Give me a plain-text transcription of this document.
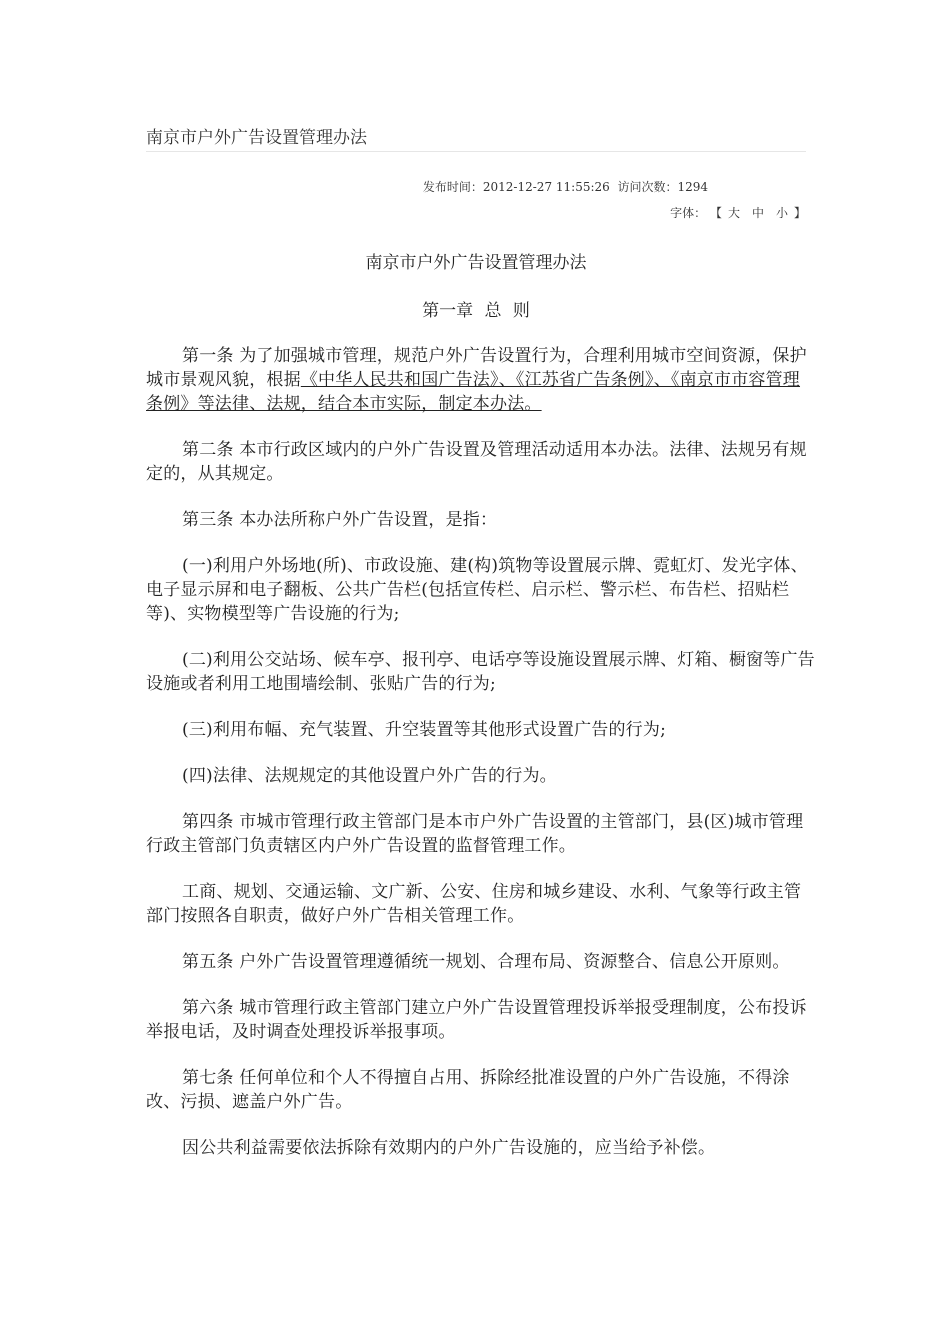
南京市户外广告设置管理办法
发布时间：2012-12-27 11:55:26 访问次数：1294
字体： 【 大 中 小 】
南京市户外广告设置管理办法
第一章 总 则

第一条 为了加强城市管理，规范户外广告设置行为，合理利用城市空间资源，保护城市景观风貌，根据《中华人民共和国广告法》、《江苏省广告条例》、《南京市市容管理条例》等法律、法规，结合本市实际，制定本办法。

第二条 本市行政区域内的户外广告设置及管理活动适用本办法。法律、法规另有规定的，从其规定。

第三条 本办法所称户外广告设置，是指：

(一)利用户外场地(所)、市政设施、建(构)筑物等设置展示牌、霓虹灯、发光字体、电子显示屏和电子翻板、公共广告栏(包括宣传栏、启示栏、警示栏、布告栏、招贴栏等)、实物模型等广告设施的行为;

(二)利用公交站场、候车亭、报刊亭、电话亭等设施设置展示牌、灯箱、橱窗等广告设施或者利用工地围墙绘制、张贴广告的行为;

(三)利用布幅、充气装置、升空装置等其他形式设置广告的行为;

(四)法律、法规规定的其他设置户外广告的行为。

第四条 市城市管理行政主管部门是本市户外广告设置的主管部门，县(区)城市管理行政主管部门负责辖区内户外广告设置的监督管理工作。

工商、规划、交通运输、文广新、公安、住房和城乡建设、水利、气象等行政主管部门按照各自职责，做好户外广告相关管理工作。

第五条 户外广告设置管理遵循统一规划、合理布局、资源整合、信息公开原则。

第六条 城市管理行政主管部门建立户外广告设置管理投诉举报受理制度，公布投诉举报电话，及时调查处理投诉举报事项。

第七条 任何单位和个人不得擅自占用、拆除经批准设置的户外广告设施，不得涂改、污损、遮盖户外广告。

因公共利益需要依法拆除有效期内的户外广告设施的，应当给予补偿。
